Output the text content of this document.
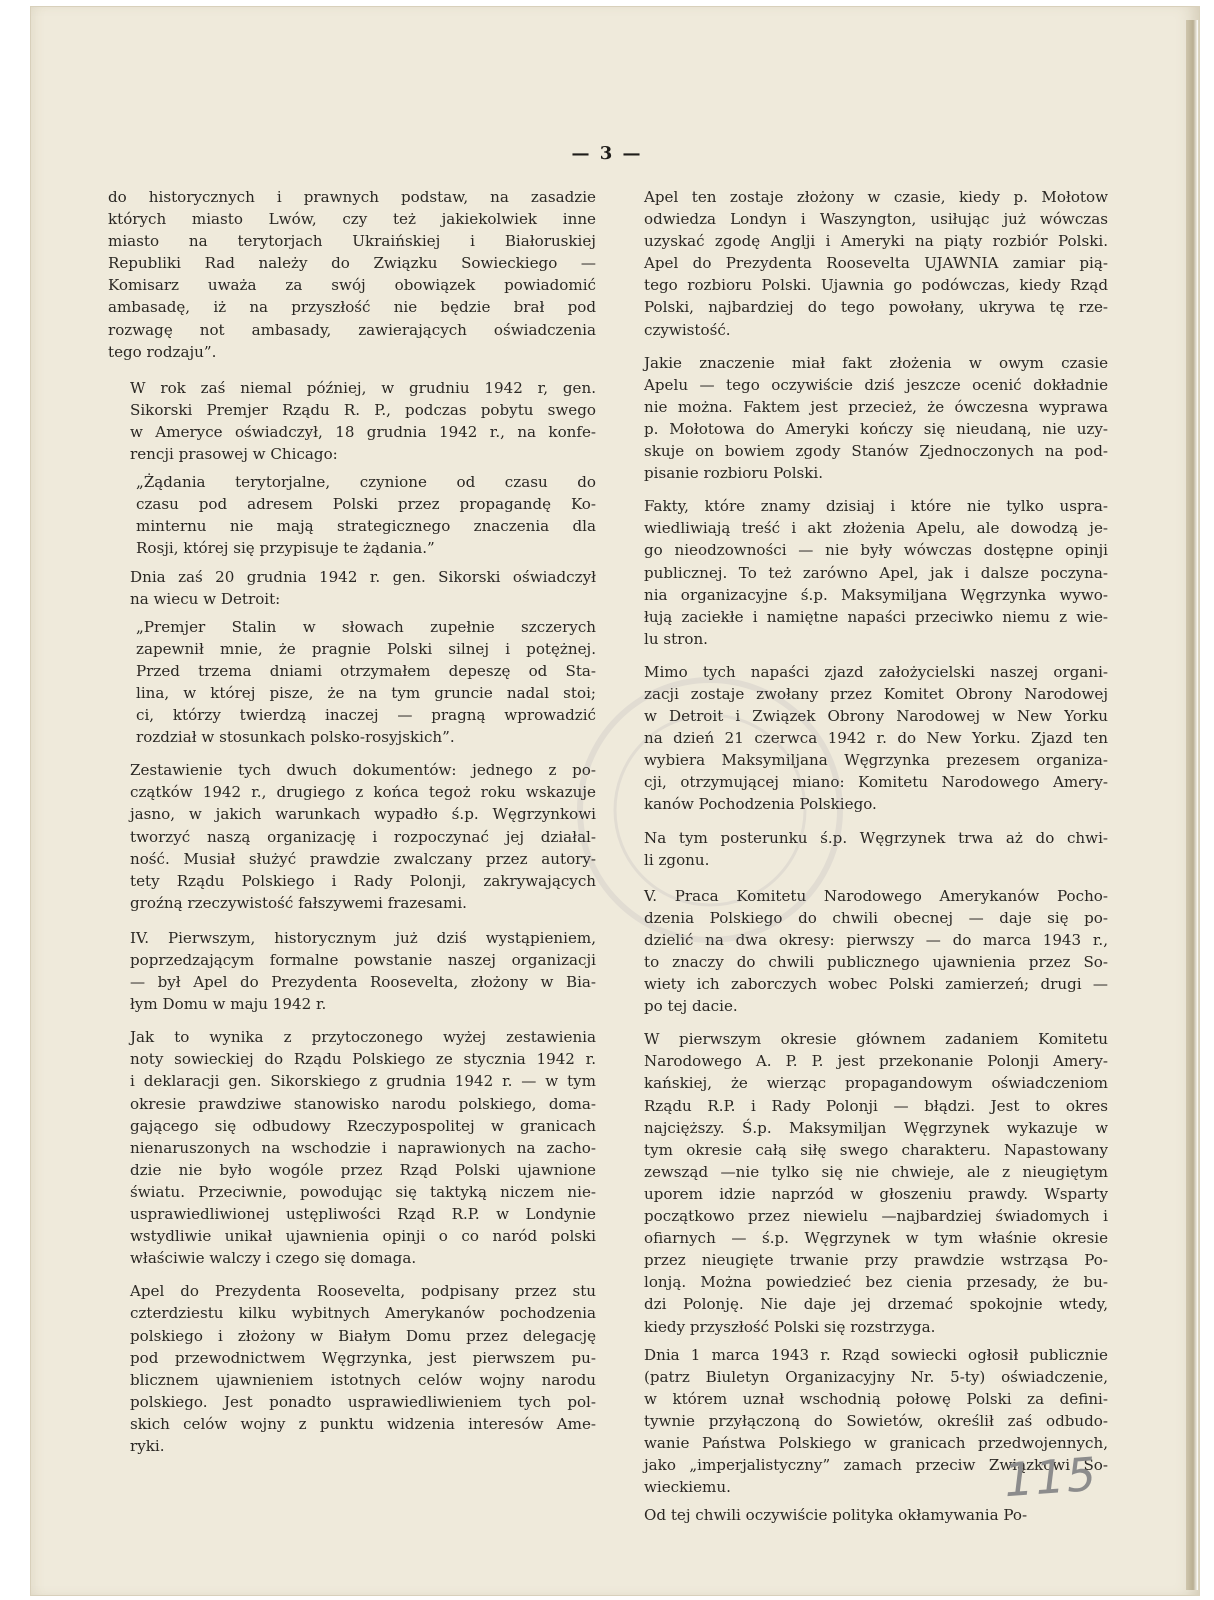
— 3 —
do historycznych i prawnych podstaw, na zasadzie
których miasto Lwów, czy też jakiekolwiek inne
miasto na terytorjach Ukraińskiej i Białoruskiej
Republiki Rad należy do Związku Sowieckiego —
Komisarz uważa za swój obowiązek powiadomić
ambasadę, iż na przyszłość nie będzie brał pod
rozwagę not ambasady, zawierających oświadczenia
tego rodzaju”.
W rok zaś niemal później, w grudniu 1942 r, gen.
Sikorski Premjer Rządu R. P., podczas pobytu swego
w Ameryce oświadczył, 18 grudnia 1942 r., na konfe-
rencji prasowej w Chicago:
„Żądania terytorjalne, czynione od czasu do
czasu pod adresem Polski przez propagandę Ko-
minternu nie mają strategicznego znaczenia dla
Rosji, której się przypisuje te żądania.”
Dnia zaś 20 grudnia 1942 r. gen. Sikorski oświadczył
na wiecu w Detroit:
„Premjer Stalin w słowach zupełnie szczerych
zapewnił mnie, że pragnie Polski silnej i potężnej.
Przed trzema dniami otrzymałem depeszę od Sta-
lina, w której pisze, że na tym gruncie nadal stoi;
ci, którzy twierdzą inaczej — pragną wprowadzić
rozdział w stosunkach polsko-rosyjskich”.
Zestawienie tych dwuch dokumentów: jednego z po-
czątków 1942 r., drugiego z końca tegoż roku wskazuje
jasno, w jakich warunkach wypadło ś.p. Węgrzynkowi
tworzyć naszą organizację i rozpoczynać jej działal-
ność. Musiał służyć prawdzie zwalczany przez autory-
tety Rządu Polskiego i Rady Polonji, zakrywających
groźną rzeczywistość fałszywemi frazesami.
IV. Pierwszym, historycznym już dziś wystąpieniem,
poprzedzającym formalne powstanie naszej organizacji
— był Apel do Prezydenta Roosevelta, złożony w Bia-
łym Domu w maju 1942 r.
Jak to wynika z przytoczonego wyżej zestawienia
noty sowieckiej do Rządu Polskiego ze stycznia 1942 r.
i deklaracji gen. Sikorskiego z grudnia 1942 r. — w tym
okresie prawdziwe stanowisko narodu polskiego, doma-
gającego się odbudowy Rzeczypospolitej w granicach
nienaruszonych na wschodzie i naprawionych na zacho-
dzie nie było wogóle przez Rząd Polski ujawnione
światu. Przeciwnie, powodując się taktyką niczem nie-
usprawiedliwionej ustępliwości Rząd R.P. w Londynie
wstydliwie unikał ujawnienia opinji o co naród polski
właściwie walczy i czego się domaga.
Apel do Prezydenta Roosevelta, podpisany przez stu
czterdziestu kilku wybitnych Amerykanów pochodzenia
polskiego i złożony w Białym Domu przez delegację
pod przewodnictwem Węgrzynka, jest pierwszem pu-
blicznem ujawnieniem istotnych celów wojny narodu
polskiego. Jest ponadto usprawiedliwieniem tych pol-
skich celów wojny z punktu widzenia interesów Ame-
ryki.
Apel ten zostaje złożony w czasie, kiedy p. Mołotow
odwiedza Londyn i Waszyngton, usiłując już wówczas
uzyskać zgodę Anglji i Ameryki na piąty rozbiór Polski.
Apel do Prezydenta Roosevelta UJAWNIA zamiar pią-
tego rozbioru Polski. Ujawnia go podówczas, kiedy Rząd
Polski, najbardziej do tego powołany, ukrywa tę rze-
czywistość.
Jakie znaczenie miał fakt złożenia w owym czasie
Apelu — tego oczywiście dziś jeszcze ocenić dokładnie
nie można. Faktem jest przecież, że ówczesna wyprawa
p. Mołotowa do Ameryki kończy się nieudaną, nie uzy-
skuje on bowiem zgody Stanów Zjednoczonych na pod-
pisanie rozbioru Polski.
Fakty, które znamy dzisiaj i które nie tylko uspra-
wiedliwiają treść i akt złożenia Apelu, ale dowodzą je-
go nieodzowności — nie były wówczas dostępne opinji
publicznej. To też zarówno Apel, jak i dalsze poczyna-
nia organizacyjne ś.p. Maksymiljana Węgrzynka wywo-
łują zaciekłe i namiętne napaści przeciwko niemu z wie-
lu stron.
Mimo tych napaści zjazd założycielski naszej organi-
zacji zostaje zwołany przez Komitet Obrony Narodowej
w Detroit i Związek Obrony Narodowej w New Yorku
na dzień 21 czerwca 1942 r. do New Yorku. Zjazd ten
wybiera Maksymiljana Węgrzynka prezesem organiza-
cji, otrzymującej miano: Komitetu Narodowego Amery-
kanów Pochodzenia Polskiego.
Na tym posterunku ś.p. Węgrzynek trwa aż do chwi-
li zgonu.
V. Praca Komitetu Narodowego Amerykanów Pocho-
dzenia Polskiego do chwili obecnej — daje się po-
dzielić na dwa okresy: pierwszy — do marca 1943 r.,
to znaczy do chwili publicznego ujawnienia przez So-
wiety ich zaborczych wobec Polski zamierzeń; drugi —
po tej dacie.
W pierwszym okresie głównem zadaniem Komitetu
Narodowego A. P. P. jest przekonanie Polonji Amery-
kańskiej, że wierząc propagandowym oświadczeniom
Rządu R.P. i Rady Polonji — błądzi. Jest to okres
najcięższy. Ś.p. Maksymiljan Węgrzynek wykazuje w
tym okresie całą siłę swego charakteru. Napastowany
zewsząd —nie tylko się nie chwieje, ale z nieugiętym
uporem idzie naprzód w głoszeniu prawdy. Wsparty
początkowo przez niewielu —najbardziej świadomych i
ofiarnych — ś.p. Węgrzynek w tym właśnie okresie
przez nieugięte trwanie przy prawdzie wstrząsa Po-
lonją. Można powiedzieć bez cienia przesady, że bu-
dzi Polonję. Nie daje jej drzemać spokojnie wtedy,
kiedy przyszłość Polski się rozstrzyga.
Dnia 1 marca 1943 r. Rząd sowiecki ogłosił publicznie
(patrz Biuletyn Organizacyjny Nr. 5-ty) oświadczenie,
w którem uznał wschodnią połowę Polski za defini-
tywnie przyłączoną do Sowietów, określił zaś odbudo-
wanie Państwa Polskiego w granicach przedwojennych,
jako „imperjalistyczny” zamach przeciw Związkowi So-
wieckiemu.
Od tej chwili oczywiście polityka okłamywania Po-
115
